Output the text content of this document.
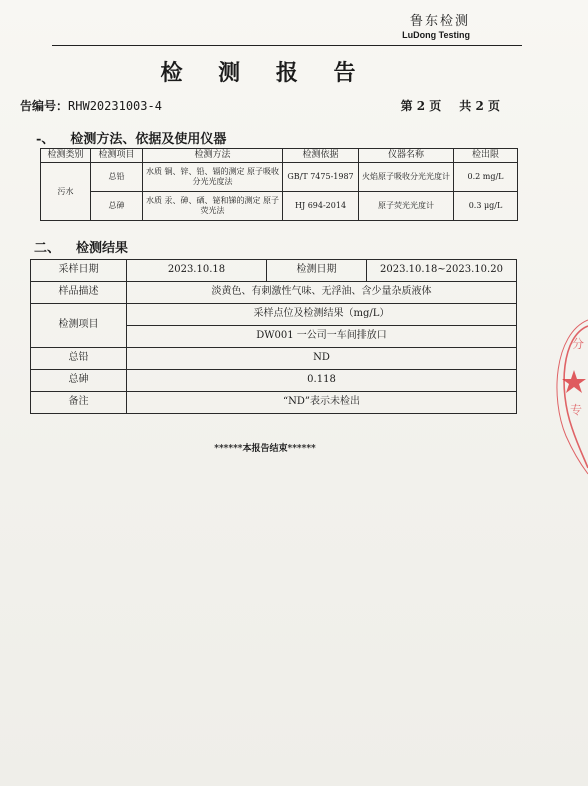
鲁东检测
LuDong Testing
检 测 报 告
告编号：RHW20231003-4	第 2 页 共 2 页
-、 检测方法、依据及使用仪器
检测类别	检测项目	检测方法	检测依据	仪器名称	检出限
污水	总铅	水质 铜、锌、铅、镉的测定 原子吸收分光光度法	GB/T 7475-1987	火焰原子吸收分光光度计	0.2 mg/L
	总砷	水质 汞、砷、硒、铋和锑的测定 原子荧光法	HJ 694-2014	原子荧光光度计	0.3 μg/L
二、 检测结果
采样日期	2023.10.18	检测日期	2023.10.18~2023.10.20
样品描述	淡黄色、有刺激性气味、无浮油、含少量杂质液体		
检测项目	采样点位及检测结果（mg/L）		
	DW001 一公司一车间排放口		
总铅	ND		
总砷	0.118		
备注	“ND”表示未检出		
******本报告结束******
分
专
